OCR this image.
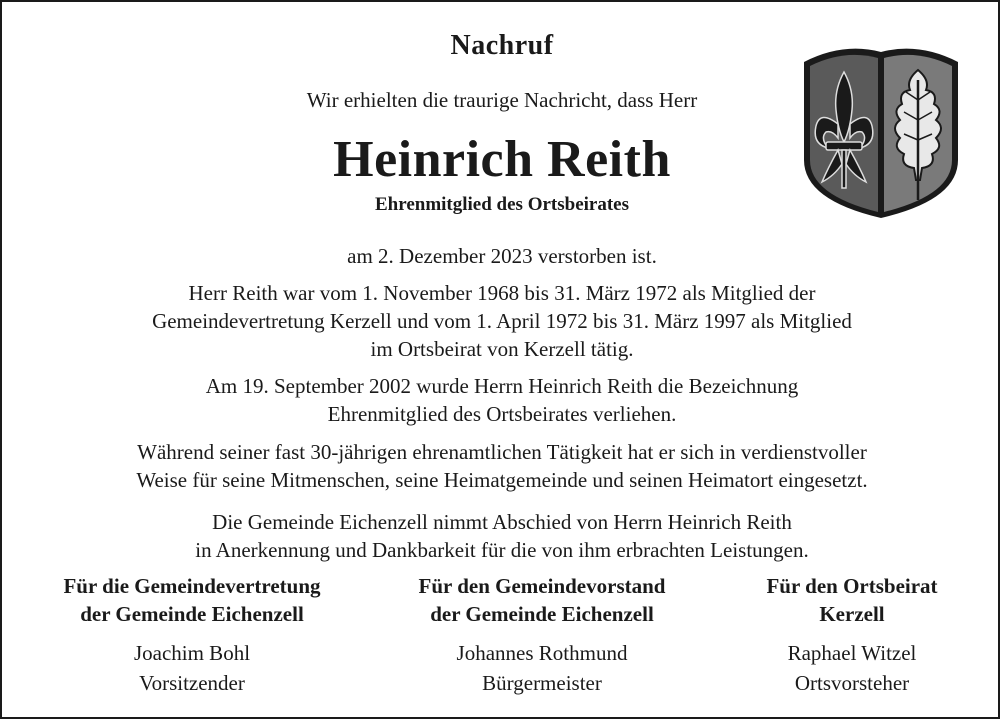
Nachruf
Wir erhielten die traurige Nachricht, dass Herr
Heinrich Reith
Ehrenmitglied des Ortsbeirates
am 2. Dezember 2023 verstorben ist.
Herr Reith war vom 1. November 1968 bis 31. März 1972 als Mitglied der
Gemeindevertretung Kerzell und vom 1. April 1972 bis 31. März 1997 als Mitglied
im Ortsbeirat von Kerzell tätig.
Am 19. September 2002 wurde Herrn Heinrich Reith die Bezeichnung
Ehrenmitglied des Ortsbeirates verliehen.
Während seiner fast 30-jährigen ehrenamtlichen Tätigkeit hat er sich in verdienstvoller
Weise für seine Mitmenschen, seine Heimatgemeinde und seinen Heimatort eingesetzt.
Die Gemeinde Eichenzell nimmt Abschied von Herrn Heinrich Reith
in Anerkennung und Dankbarkeit für die von ihm erbrachten Leistungen.
Für die Gemeindevertretung
der Gemeinde Eichenzell
Joachim Bohl
Vorsitzender
Für den Gemeindevorstand
der Gemeinde Eichenzell
Johannes Rothmund
Bürgermeister
Für den Ortsbeirat
Kerzell
Raphael Witzel
Ortsvorsteher
